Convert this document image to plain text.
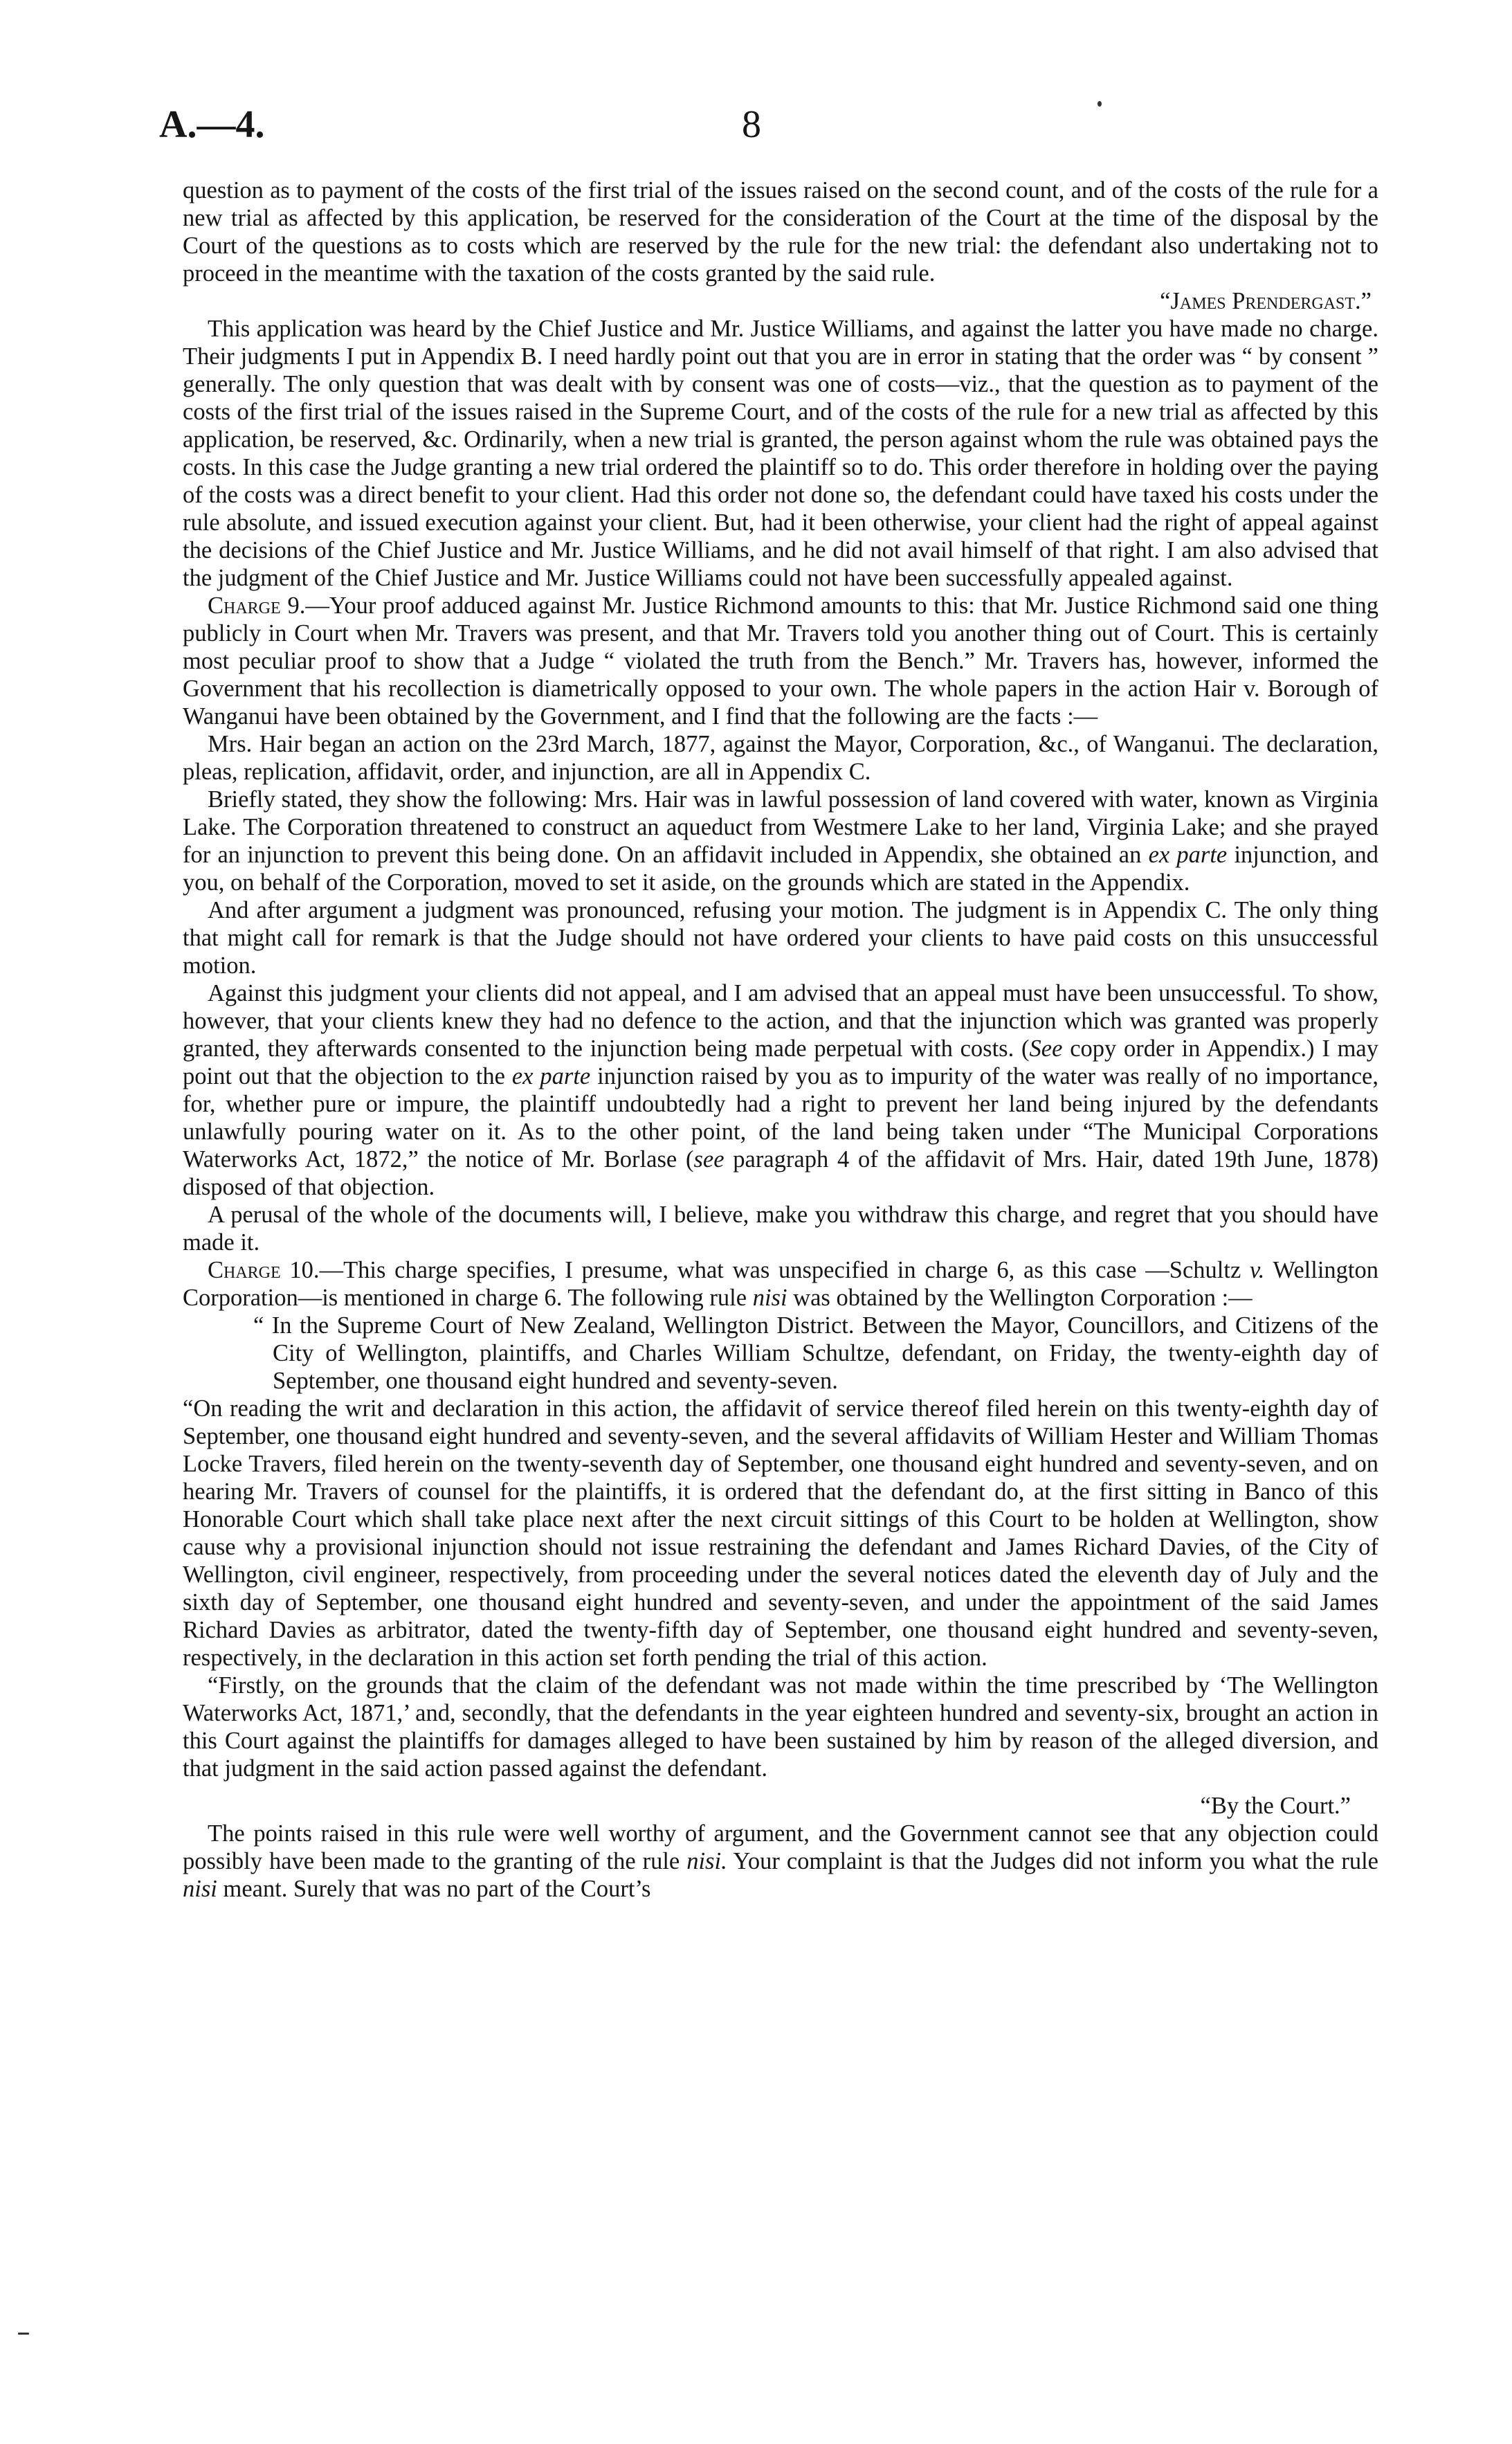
A.—4.	8

question as to payment of the costs of the first trial of the issues raised on the second count, and of the costs of the rule for a new trial as affected by this application, be reserved for the consideration of the Court at the time of the disposal by the Court of the questions as to costs which are reserved by the rule for the new trial: the defendant also undertaking not to proceed in the meantime with the taxation of the costs granted by the said rule.

“James Prendergast.”

This application was heard by the Chief Justice and Mr. Justice Williams, and against the latter you have made no charge. Their judgments I put in Appendix B. I need hardly point out that you are in error in stating that the order was “ by consent ” generally. The only question that was dealt with by consent was one of costs—viz., that the question as to payment of the costs of the first trial of the issues raised in the Supreme Court, and of the costs of the rule for a new trial as affected by this application, be reserved, &c. Ordinarily, when a new trial is granted, the person against whom the rule was obtained pays the costs. In this case the Judge granting a new trial ordered the plaintiff so to do. This order therefore in holding over the paying of the costs was a direct benefit to your client. Had this order not done so, the defendant could have taxed his costs under the rule absolute, and issued execution against your client. But, had it been otherwise, your client had the right of appeal against the decisions of the Chief Justice and Mr. Justice Williams, and he did not avail himself of that right. I am also advised that the judgment of the Chief Justice and Mr. Justice Williams could not have been successfully appealed against.

Charge 9.—Your proof adduced against Mr. Justice Richmond amounts to this: that Mr. Justice Richmond said one thing publicly in Court when Mr. Travers was present, and that Mr. Travers told you another thing out of Court. This is certainly most peculiar proof to show that a Judge “ violated the truth from the Bench.” Mr. Travers has, however, informed the Government that his recollection is diametrically opposed to your own. The whole papers in the action Hair v. Borough of Wanganui have been obtained by the Government, and I find that the following are the facts :—

Mrs. Hair began an action on the 23rd March, 1877, against the Mayor, Corporation, &c., of Wanganui. The declaration, pleas, replication, affidavit, order, and injunction, are all in Appendix C.

Briefly stated, they show the following: Mrs. Hair was in lawful possession of land covered with water, known as Virginia Lake. The Corporation threatened to construct an aqueduct from Westmere Lake to her land, Virginia Lake; and she prayed for an injunction to prevent this being done. On an affidavit included in Appendix, she obtained an ex parte injunction, and you, on behalf of the Corporation, moved to set it aside, on the grounds which are stated in the Appendix.

And after argument a judgment was pronounced, refusing your motion. The judgment is in Appendix C. The only thing that might call for remark is that the Judge should not have ordered your clients to have paid costs on this unsuccessful motion.

Against this judgment your clients did not appeal, and I am advised that an appeal must have been unsuccessful. To show, however, that your clients knew they had no defence to the action, and that the injunction which was granted was properly granted, they afterwards consented to the injunction being made perpetual with costs. (See copy order in Appendix.) I may point out that the objection to the ex parte injunction raised by you as to impurity of the water was really of no importance, for, whether pure or impure, the plaintiff undoubtedly had a right to prevent her land being injured by the defendants unlawfully pouring water on it. As to the other point, of the land being taken under “The Municipal Corporations Waterworks Act, 1872,” the notice of Mr. Borlase (see paragraph 4 of the affidavit of Mrs. Hair, dated 19th June, 1878) disposed of that objection.

A perusal of the whole of the documents will, I believe, make you withdraw this charge, and regret that you should have made it.

Charge 10.—This charge specifies, I presume, what was unspecified in charge 6, as this case —Schultz v. Wellington Corporation—is mentioned in charge 6. The following rule nisi was obtained by the Wellington Corporation :—

“ In the Supreme Court of New Zealand, Wellington District. Between the Mayor, Councillors, and Citizens of the City of Wellington, plaintiffs, and Charles William Schultze, defendant, on Friday, the twenty-eighth day of September, one thousand eight hundred and seventy-seven.

“On reading the writ and declaration in this action, the affidavit of service thereof filed herein on this twenty-eighth day of September, one thousand eight hundred and seventy-seven, and the several affidavits of William Hester and William Thomas Locke Travers, filed herein on the twenty-seventh day of September, one thousand eight hundred and seventy-seven, and on hearing Mr. Travers of counsel for the plaintiffs, it is ordered that the defendant do, at the first sitting in Banco of this Honorable Court which shall take place next after the next circuit sittings of this Court to be holden at Wellington, show cause why a provisional injunction should not issue restraining the defendant and James Richard Davies, of the City of Wellington, civil engineer, respectively, from proceeding under the several notices dated the eleventh day of July and the sixth day of September, one thousand eight hundred and seventy-seven, and under the appointment of the said James Richard Davies as arbitrator, dated the twenty-fifth day of September, one thousand eight hundred and seventy-seven, respectively, in the declaration in this action set forth pending the trial of this action.

“Firstly, on the grounds that the claim of the defendant was not made within the time prescribed by ‘The Wellington Waterworks Act, 1871,’ and, secondly, that the defendants in the year eighteen hundred and seventy-six, brought an action in this Court against the plaintiffs for damages alleged to have been sustained by him by reason of the alleged diversion, and that judgment in the said action passed against the defendant.

“By the Court.”

The points raised in this rule were well worthy of argument, and the Government cannot see that any objection could possibly have been made to the granting of the rule nisi. Your complaint is that the Judges did not inform you what the rule nisi meant. Surely that was no part of the Court’s
